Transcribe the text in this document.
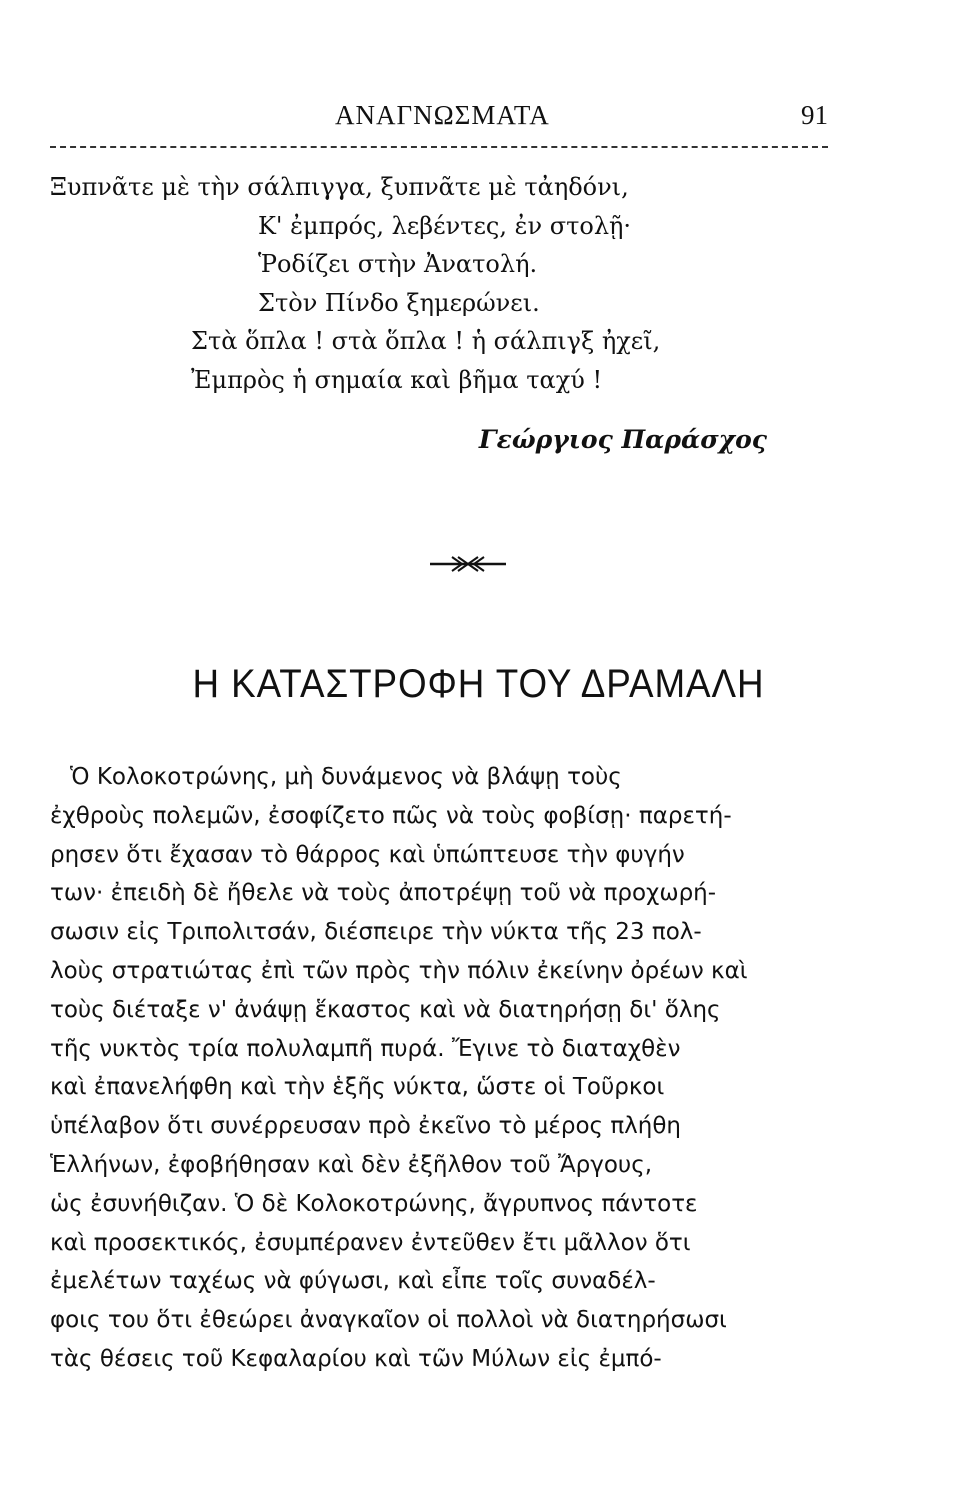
ΑΝΑΓΝΩΣΜΑΤΑ	91
Ξυπνᾶτε μὲ τὴν σάλπιγγα, ξυπνᾶτε μὲ τἀηδόνι,
Κ' ἐμπρός, λεβέντες, ἐν στολῇ·
Ῥοδίζει στὴν Ἀνατολή.
Στὸν Πίνδο ξημερώνει.
Στὰ ὅπλα ! στὰ ὅπλα ! ἡ σάλπιγξ ἠχεῖ,
Ἐμπρὸς ἡ σημαία καὶ βῆμα ταχύ !
Γεώργιος Παράσχος
Η ΚΑΤΑΣΤΡΟΦΗ ΤΟΥ ΔΡΑΜΑΛΗ
Ὁ Κολοκοτρώνης, μὴ δυνάμενος νὰ βλάψῃ τοὺς
ἐχθροὺς πολεμῶν, ἐσοφίζετο πῶς νὰ τοὺς φοβίσῃ· παρετή-
ρησεν ὅτι ἔχασαν τὸ θάρρος καὶ ὑπώπτευσε τὴν φυγήν
των· ἐπειδὴ δὲ ἤθελε νὰ τοὺς ἀποτρέψῃ τοῦ νὰ προχωρή-
σωσιν εἰς Τριπολιτσάν, διέσπειρε τὴν νύκτα τῆς 23 πολ-
λοὺς στρατιώτας ἐπὶ τῶν πρὸς τὴν πόλιν ἐκείνην ὀρέων καὶ
τοὺς διέταξε ν' ἀνάψῃ ἕκαστος καὶ νὰ διατηρήσῃ δι' ὅλης
τῆς νυκτὸς τρία πολυλαμπῆ πυρά. Ἔγινε τὸ διαταχθὲν
καὶ ἐπανελήφθη καὶ τὴν ἑξῆς νύκτα, ὥστε οἱ Τοῦρκοι
ὑπέλαβον ὅτι συνέρρευσαν πρὸ ἐκεῖνο τὸ μέρος πλήθη
Ἑλλήνων, ἐφοβήθησαν καὶ δὲν ἐξῆλθον τοῦ Ἄργους,
ὡς ἐσυνήθιζαν. Ὁ δὲ Κολοκοτρώνης, ἄγρυπνος πάντοτε
καὶ προσεκτικός, ἐσυμπέρανεν ἐντεῦθεν ἔτι μᾶλλον ὅτι
ἐμελέτων ταχέως νὰ φύγωσι, καὶ εἶπε τοῖς συναδέλ-
φοις του ὅτι ἐθεώρει ἀναγκαῖον οἱ πολλοὶ νὰ διατηρήσωσι
τὰς θέσεις τοῦ Κεφαλαρίου καὶ τῶν Μύλων εἰς ἐμπό-
